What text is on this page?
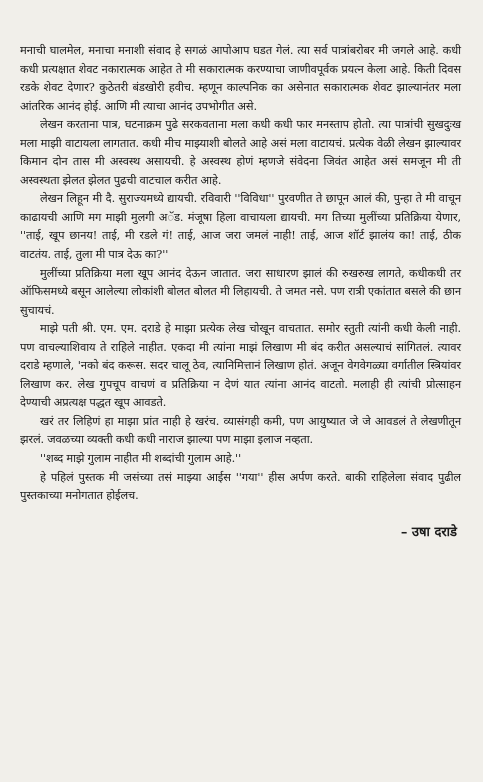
मनाची घालमेल, मनाचा मनाशी संवाद हे सगळं आपोआप घडत गेलं. त्या सर्व पात्रांबरोबर मी जगले आहे. कधी कधी प्रत्यक्षात शेवट नकारात्मक आहेत ते मी सकारात्मक करण्याचा जाणीवपूर्वक प्रयत्न केला आहे. किती दिवस रडके शेवट देणार? कुठेतरी बंडखोरी हवीच. म्हणून काल्पनिक का असेनात सकारात्मक शेवट झाल्यानंतर मला आंतरिक आनंद होई. आणि मी त्याचा आनंद उपभोगीत असे.

लेखन करताना पात्र, घटनाक्रम पुढे सरकवताना मला कधी कधी फार मनस्ताप होतो. त्या पात्रांची सुखदुःख मला माझी वाटायला लागतात. कधी मीच माझ्याशी बोलते आहे असं मला वाटायचं. प्रत्येक वेळी लेखन झाल्यावर किमान दोन तास मी अस्वस्थ असायची. हे अस्वस्थ होणं म्हणजे संवेदना जिवंत आहेत असं समजून मी ती अस्वस्थता झेलत झेलत पुढची वाटचाल करीत आहे.

लेखन लिहून मी दै. सुराज्यमध्ये द्यायची. रविवारी ''विविधा'' पुरवणीत ते छापून आलं की, पुन्हा ते मी वाचून काढायची आणि मग माझी मुलगी अॅड. मंजूषा हिला वाचायला द्यायची. मग तिच्या मुलींच्या प्रतिक्रिया येणार, ''ताई, खूप छानय! ताई, मी रडले गं! ताई, आज जरा जमलं नाही! ताई, आज शॉर्ट झालंय का! ताई, ठीक वाटतंय. ताई, तुला मी पात्र देऊ का?''

मुलींच्या प्रतिक्रिया मला खूप आनंद देऊन जातात. जरा साधारण झालं की रुखरुख लागते, कधीकधी तर ऑफिसमध्ये बसून आलेल्या लोकांशी बोलत बोलत मी लिहायची. ते जमत नसे. पण रात्री एकांतात बसले की छान सुचायचं.

माझे पती श्री. एम. एम. दराडे हे माझा प्रत्येक लेख चोखून वाचतात. समोर स्तुती त्यांनी कधी केली नाही. पण वाचल्याशिवाय ते राहिले नाहीत. एकदा मी त्यांना माझं लिखाण मी बंद करीत असल्याचं सांगितलं. त्यावर दराडे म्हणाले, 'नको बंद करूस. सदर चालू ठेव, त्यानिमित्तानं लिखाण होतं. अजून वेगवेगळ्या वर्गातील स्त्रियांवर लिखाण कर. लेख गुपचूप वाचणं व प्रतिक्रिया न देणं यात त्यांना आनंद वाटतो. मलाही ही त्यांची प्रोत्साहन देण्याची अप्रत्यक्ष पद्धत खूप आवडते.

खरं तर लिहिणं हा माझा प्रांत नाही हे खरंच. व्यासंगही कमी, पण आयुष्यात जे जे आवडलं ते लेखणीतून झरलं. जवळच्या व्यक्ती कधी कधी नाराज झाल्या पण माझा इलाज नव्हता.

''शब्द माझे गुलाम नाहीत मी शब्दांची गुलाम आहे.''

हे पहिलं पुस्तक मी जसंच्या तसं माझ्या आईस ''गया'' हीस अर्पण करते. बाकी राहिलेला संवाद पुढील पुस्तकाच्या मनोगतात होईलच.

– उषा दराडे
